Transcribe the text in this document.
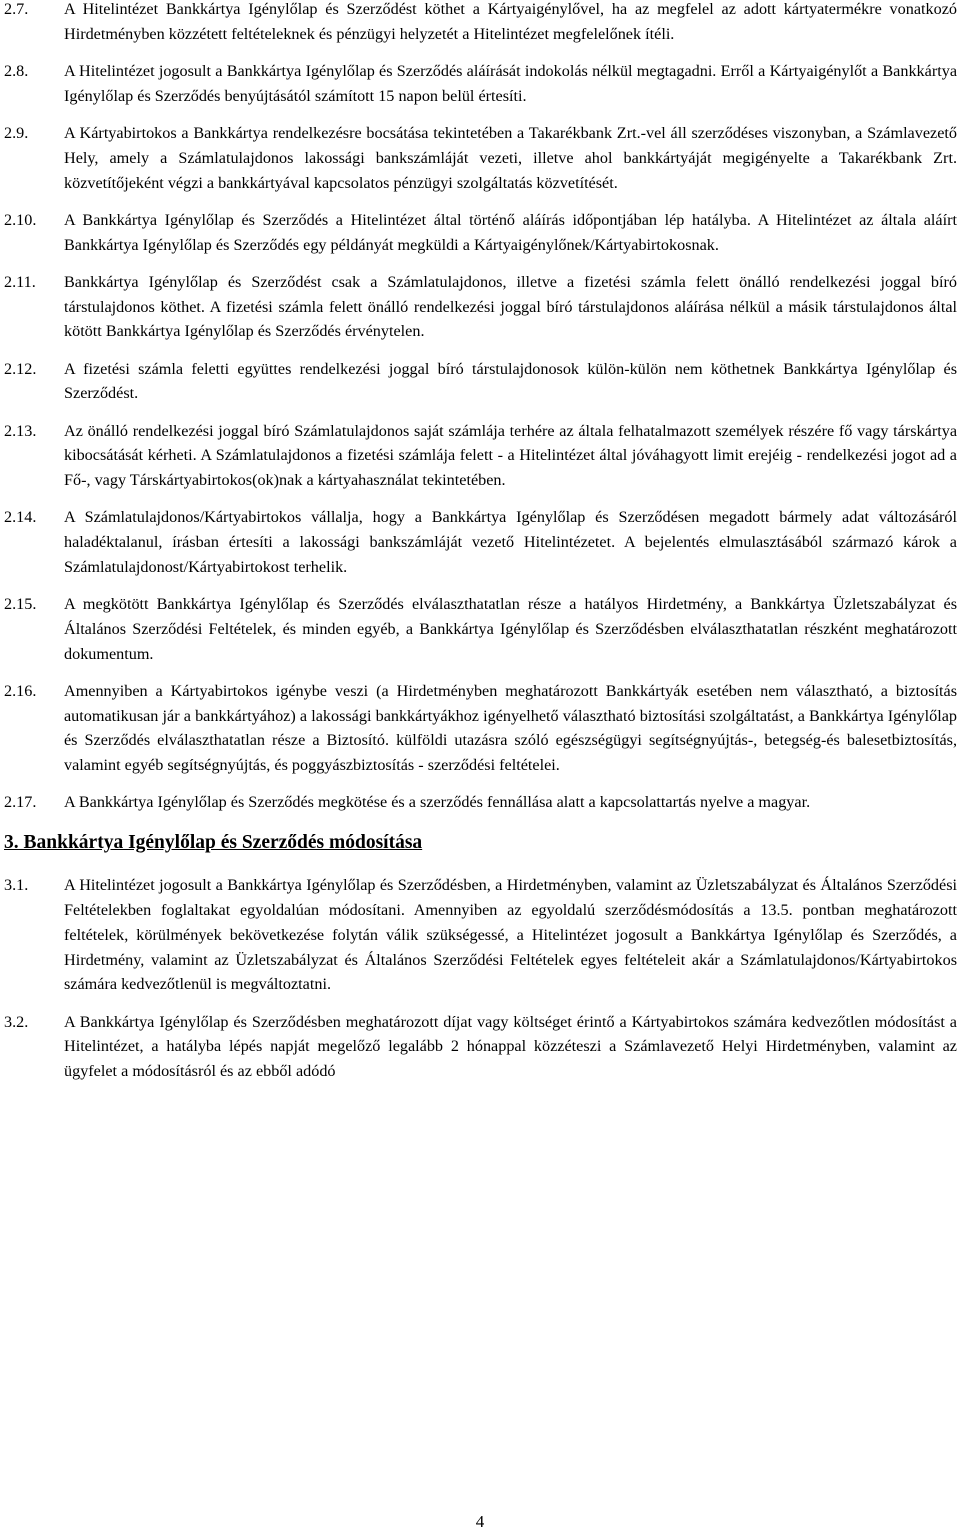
2.7.	A Hitelintézet Bankkártya Igénylőlap és Szerződést köthet a Kártyaigénylővel, ha az megfelel az adott kártyatermékre vonatkozó Hirdetményben közzétett feltételeknek és pénzügyi helyzetét a Hitelintézet megfelelőnek ítéli.
2.8.	A Hitelintézet jogosult a Bankkártya Igénylőlap és Szerződés aláírását indokolás nélkül megtagadni. Erről a Kártyaigénylőt a Bankkártya Igénylőlap és Szerződés benyújtásától számított 15 napon belül értesíti.
2.9.	A Kártyabirtokos a Bankkártya rendelkezésre bocsátása tekintetében a Takarékbank Zrt.-vel áll szerződéses viszonyban, a Számlavezető Hely, amely a Számlatulajdonos lakossági bankszámláját vezeti, illetve ahol bankkártyáját megigényelte a Takarékbank Zrt. közvetítőjeként végzi a bankkártyával kapcsolatos pénzügyi szolgáltatás közvetítését.
2.10.	A Bankkártya Igénylőlap és Szerződés a Hitelintézet által történő aláírás időpontjában lép hatályba. A Hitelintézet az általa aláírt Bankkártya Igénylőlap és Szerződés egy példányát megküldi a Kártyaigénylőnek/Kártyabirtokosnak.
2.11.	Bankkártya Igénylőlap és Szerződést csak a Számlatulajdonos, illetve a fizetési számla felett önálló rendelkezési joggal bíró társtulajdonos köthet. A fizetési számla felett önálló rendelkezési joggal bíró társtulajdonos aláírása nélkül a másik társtulajdonos által kötött Bankkártya Igénylőlap és Szerződés érvénytelen.
2.12.	A fizetési számla feletti együttes rendelkezési joggal bíró társtulajdonosok külön-külön nem köthetnek Bankkártya Igénylőlap és Szerződést.
2.13.	Az önálló rendelkezési joggal bíró Számlatulajdonos saját számlája terhére az általa felhatalmazott személyek részére fő vagy társkártya kibocsátását kérheti. A Számlatulajdonos a fizetési számlája felett - a Hitelintézet által jóváhagyott limit erejéig - rendelkezési jogot ad a Fő-, vagy Társkártyabirtokos(ok)nak a kártyahasználat tekintetében.
2.14.	A Számlatulajdonos/Kártyabirtokos vállalja, hogy a Bankkártya Igénylőlap és Szerződésen megadott bármely adat változásáról haladéktalanul, írásban értesíti a lakossági bankszámláját vezető Hitelintézetet. A bejelentés elmulasztásából származó károk a Számlatulajdonost/Kártyabirtokost terhelik.
2.15.	A megkötött Bankkártya Igénylőlap és Szerződés elválaszthatatlan része a hatályos Hirdetmény, a Bankkártya Üzletszabályzat és Általános Szerződési Feltételek, és minden egyéb, a Bankkártya Igénylőlap és Szerződésben elválaszthatatlan részként meghatározott dokumentum.
2.16.	Amennyiben a Kártyabirtokos igénybe veszi (a Hirdetményben meghatározott Bankkártyák esetében nem választható, a biztosítás automatikusan jár a bankkártyához) a lakossági bankkártyákhoz igényelhető választható biztosítási szolgáltatást, a Bankkártya Igénylőlap és Szerződés elválaszthatatlan része a Biztosító. külföldi utazásra szóló egészségügyi segítségnyújtás-, betegség-és balesetbiztosítás, valamint egyéb segítségnyújtás, és poggyászbiztosítás - szerződési feltételei.
2.17.	A Bankkártya Igénylőlap és Szerződés megkötése és a szerződés fennállása alatt a kapcsolattartás nyelve a magyar.
3. Bankkártya Igénylőlap és Szerződés módosítása
3.1.	A Hitelintézet jogosult a Bankkártya Igénylőlap és Szerződésben, a Hirdetményben, valamint az Üzletszabályzat és Általános Szerződési Feltételekben foglaltakat egyoldalúan módosítani. Amennyiben az egyoldalú szerződésmódosítás a 13.5. pontban meghatározott feltételek, körülmények bekövetkezése folytán válik szükségessé, a Hitelintézet jogosult a Bankkártya Igénylőlap és Szerződés, a Hirdetmény, valamint az Üzletszabályzat és Általános Szerződési Feltételek egyes feltételeit akár a Számlatulajdonos/Kártyabirtokos számára kedvezőtlenül is megváltoztatni.
3.2.	A Bankkártya Igénylőlap és Szerződésben meghatározott díjat vagy költséget érintő a Kártyabirtokos számára kedvezőtlen módosítást a Hitelintézet, a hatályba lépés napját megelőző legalább 2 hónappal közzéteszi a Számlavezető Helyi Hirdetményben, valamint az ügyfelet a módosításról és az ebből adódó
4
